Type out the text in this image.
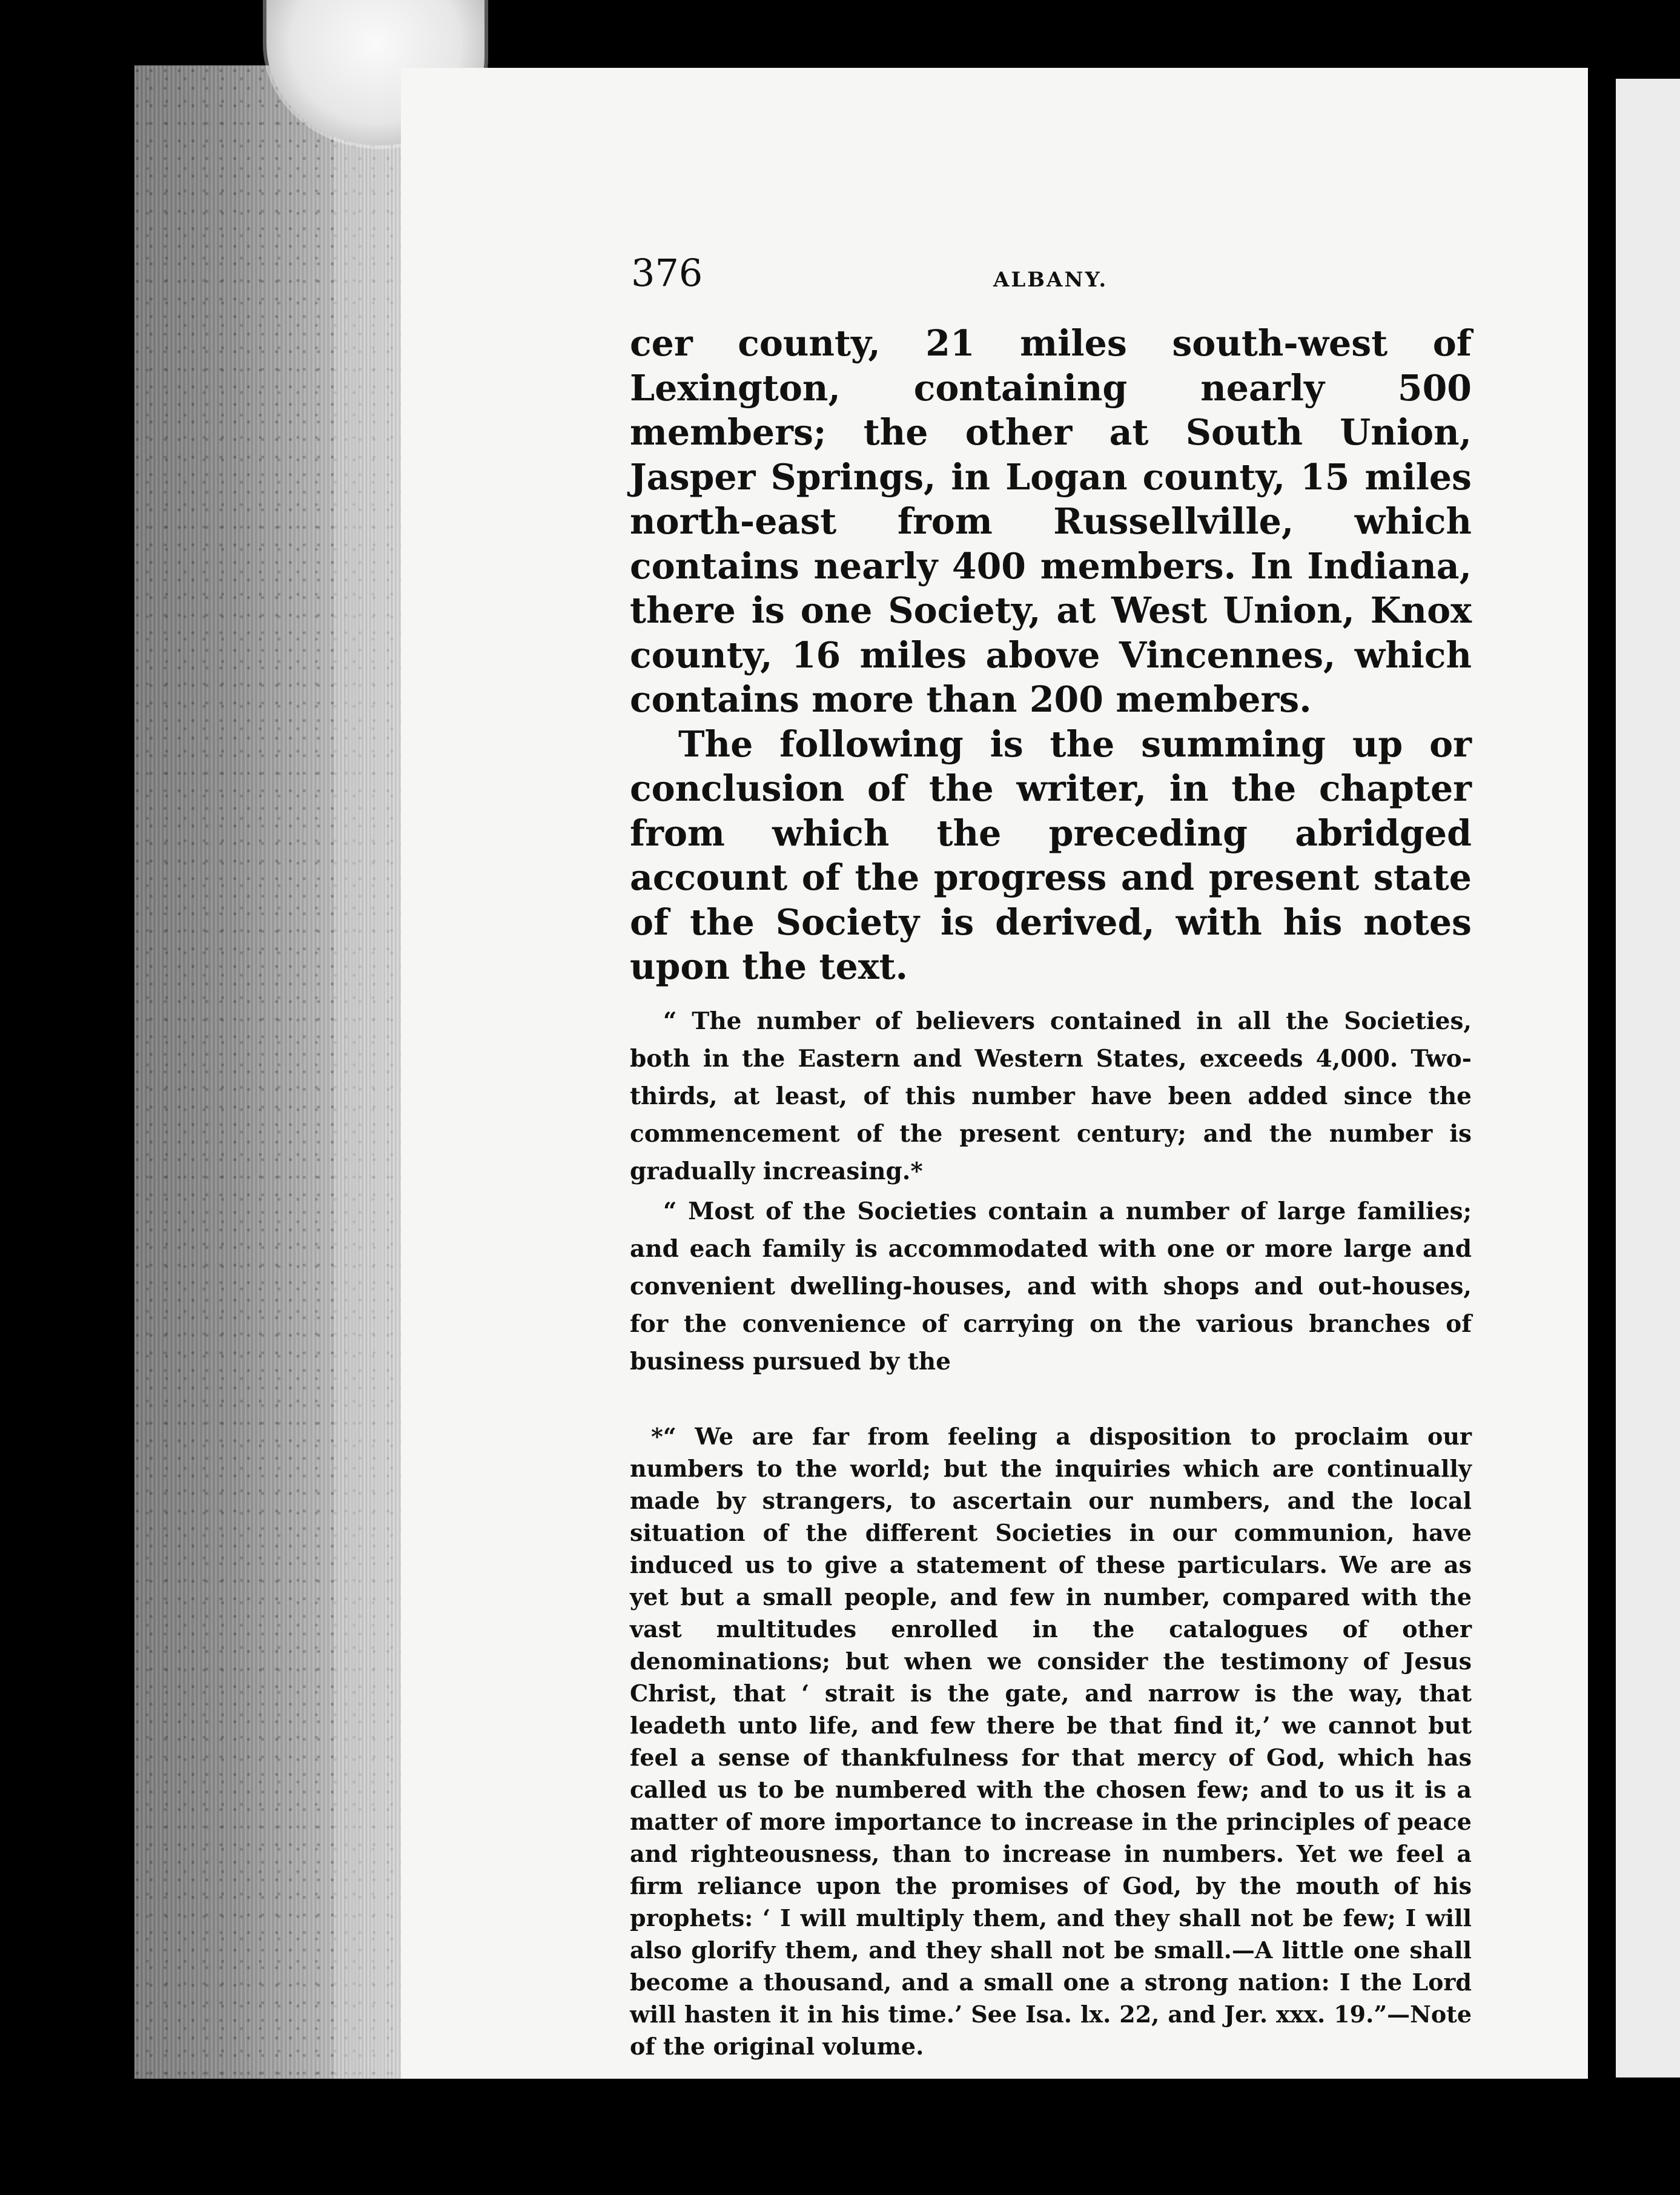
376	ALBANY.

cer county, 21 miles south-west of Lexington, containing nearly 500 members; the other at South Union, Jasper Springs, in Logan county, 15 miles north-east from Russellville, which contains nearly 400 members. In Indiana, there is one Society, at West Union, Knox county, 16 miles above Vincennes, which contains more than 200 members.

The following is the summing up or conclusion of the writer, in the chapter from which the preceding abridged account of the progress and present state of the Society is derived, with his notes upon the text.

“ The number of believers contained in all the Societies, both in the Eastern and Western States, exceeds 4,000. Two-thirds, at least, of this number have been added since the commencement of the present century; and the number is gradually increasing.*

“ Most of the Societies contain a number of large families; and each family is accommodated with one or more large and convenient dwelling-houses, and with shops and out-houses, for the convenience of carrying on the various branches of business pursued by the

*“ We are far from feeling a disposition to proclaim our numbers to the world; but the inquiries which are continually made by strangers, to ascertain our numbers, and the local situation of the different Societies in our communion, have induced us to give a statement of these particulars. We are as yet but a small people, and few in number, compared with the vast multitudes enrolled in the catalogues of other denominations; but when we consider the testimony of Jesus Christ, that ‘ strait is the gate, and narrow is the way, that leadeth unto life, and few there be that find it,’ we cannot but feel a sense of thankfulness for that mercy of God, which has called us to be numbered with the chosen few; and to us it is a matter of more importance to increase in the principles of peace and righteousness, than to increase in numbers. Yet we feel a firm reliance upon the promises of God, by the mouth of his prophets: ‘ I will multiply them, and they shall not be few; I will also glorify them, and they shall not be small.—A little one shall become a thousand, and a small one a strong nation: I the Lord will hasten it in his time.’ See Isa. lx. 22, and Jer. xxx. 19.”—Note of the original volume.
